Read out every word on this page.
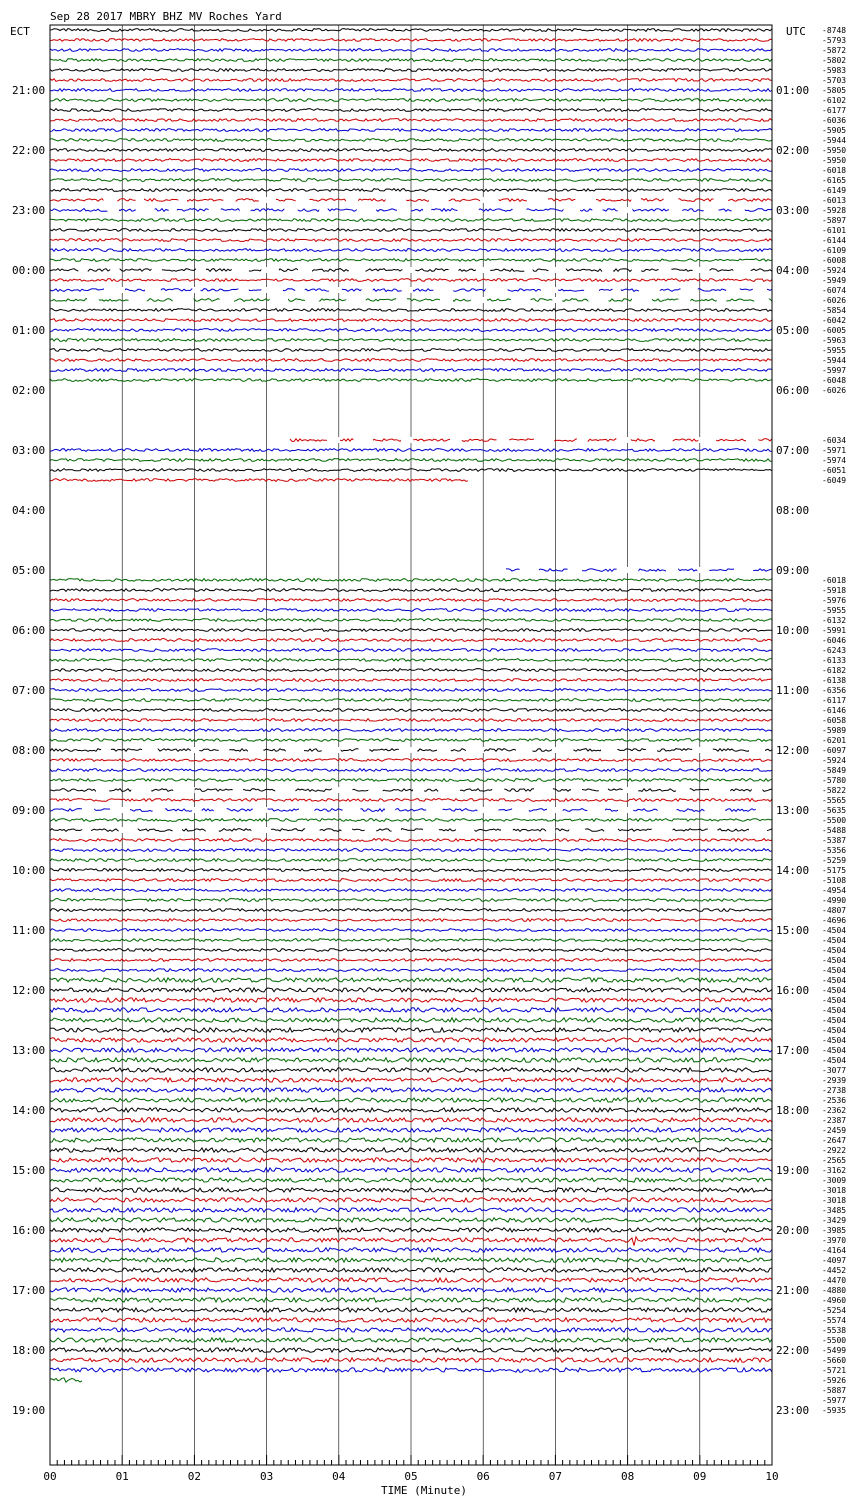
Sep 28 2017 MBRY BHZ MV Roches Yard
ECT	UTC
21:00
22:00
23:00
00:00
01:00
02:00
03:00
04:00
05:00
06:00
07:00
08:00
09:00
10:00
11:00
12:00
13:00
14:00
15:00
16:00
17:00
18:00
19:00
01:00
02:00
03:00
04:00
05:00
06:00
07:00
08:00
09:00
10:00
11:00
12:00
13:00
14:00
15:00
16:00
17:00
18:00
19:00
20:00
21:00
22:00
23:00
-8748
-5793
-5872
-5802
-5983
-5703
-5805
-6102
-6177
-6036
-5905
-5944
-5950
-5950
-6018
-6165
-6149
-6013
-5928
-5897
-6101
-6144
-6109
-6008
-5924
-5949
-6074
-6026
-5854
-6042
-6005
-5963
-5955
-5944
-5997
-6048
-6026
-6034
-5971
-5974
-6051
-6049
-6018
-5918
-5976
-5955
-6132
-5991
-6046
-6243
-6133
-6182
-6138
-6356
-6117
-6146
-6058
-5989
-6201
-6097
-5924
-5849
-5780
-5822
-5565
-5635
-5500
-5488
-5387
-5356
-5259
-5175
-5108
-4954
-4990
-4807
-4696
-4504
-4504
-4504
-4504
-4504
-4504
-4504
-4504
-4504
-4504
-4504
-4504
-4504
-4504
-3077
-2939
-2738
-2536
-2362
-2387
-2459
-2647
-2922
-2565
-3162
-3009
-3018
-3018
-3485
-3429
-3985
-3970
-4164
-4097
-4452
-4470
-4880
-4960
-5254
-5574
-5538
-5500
-5499
-5660
-5721
-5926
-5887
-5977
-5935
00	01	02	03	04	05	06	07	08	09	10
TIME (Minute)
